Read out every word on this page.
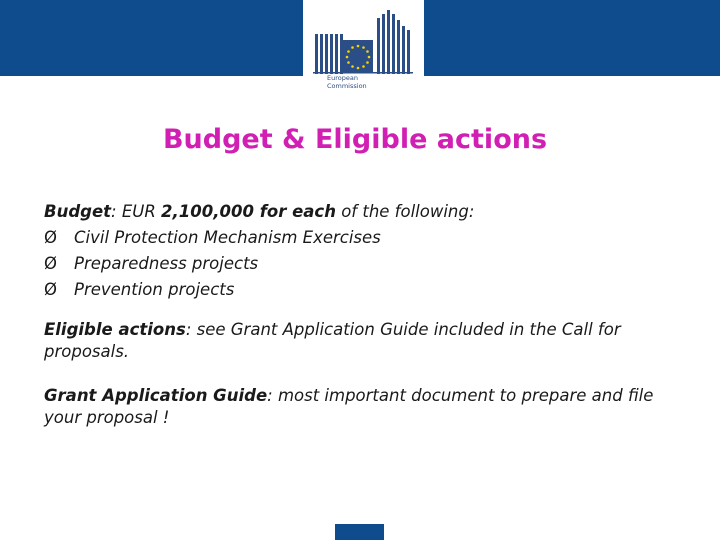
European
Commission
Budget & Eligible actions
Budget: EUR 2,100,000 for each of the following:
Ø Civil Protection Mechanism Exercises
Ø Preparedness projects
Ø Prevention projects

Eligible actions: see Grant Application Guide included in the Call for proposals.

Grant Application Guide: most important document to prepare and file your proposal !
